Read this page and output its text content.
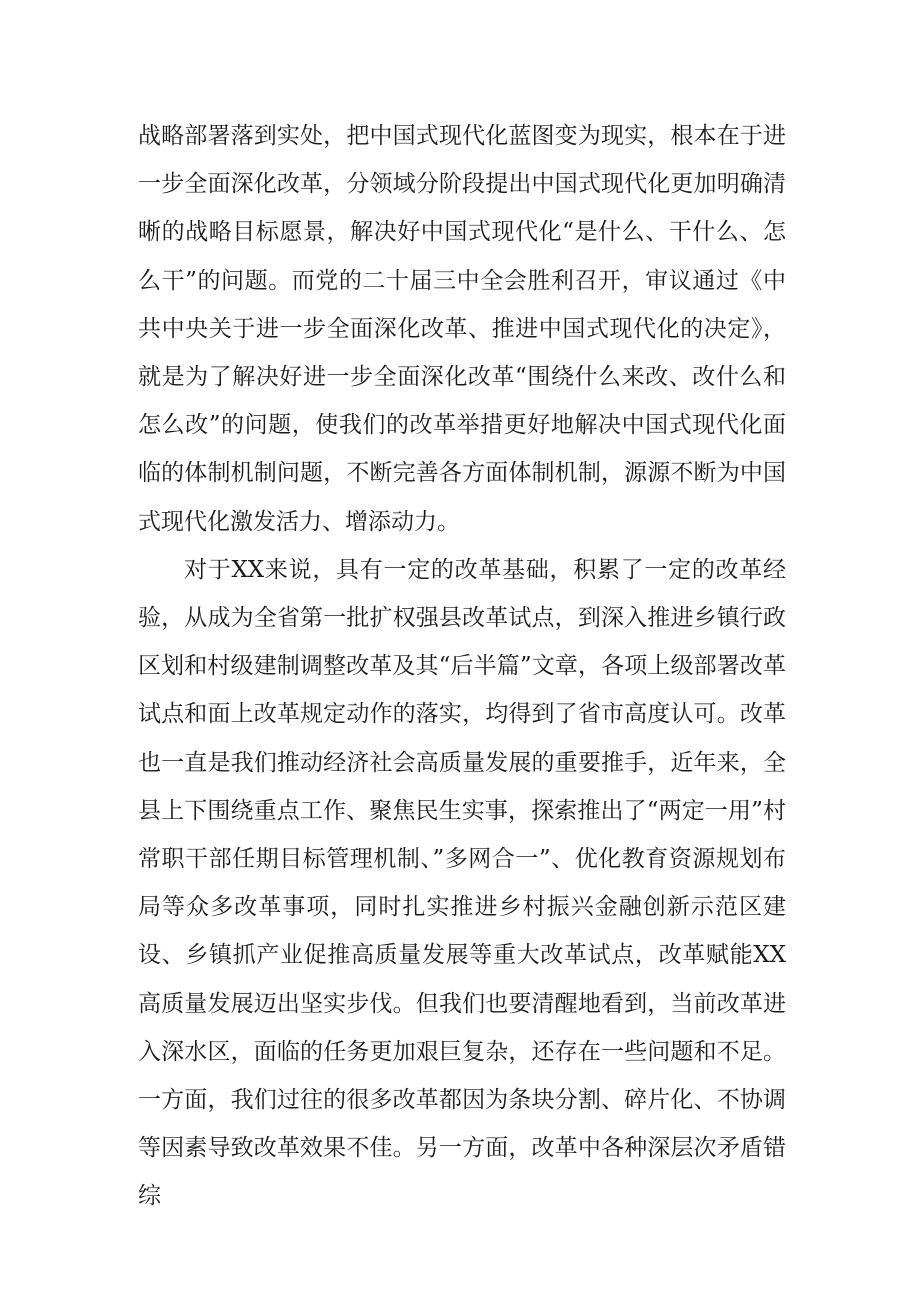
战略部署落到实处，把中国式现代化蓝图变为现实，根本在于进一步全面深化改革，分领域分阶段提出中国式现代化更加明确清晰的战略目标愿景，解决好中国式现代化“是什么、干什么、怎么干”的问题。而党的二十届三中全会胜利召开，审议通过《中共中央关于进一步全面深化改革、推进中国式现代化的决定》，就是为了解决好进一步全面深化改革“围绕什么来改、改什么和怎么改”的问题，使我们的改革举措更好地解决中国式现代化面临的体制机制问题，不断完善各方面体制机制，源源不断为中国式现代化激发活力、增添动力。

对于XX来说，具有一定的改革基础，积累了一定的改革经验，从成为全省第一批扩权强县改革试点，到深入推进乡镇行政区划和村级建制调整改革及其“后半篇”文章，各项上级部署改革试点和面上改革规定动作的落实，均得到了省市高度认可。改革也一直是我们推动经济社会高质量发展的重要推手，近年来，全县上下围绕重点工作、聚焦民生实事，探索推出了“两定一用”村常职干部任期目标管理机制、”多网合一”、优化教育资源规划布局等众多改革事项，同时扎实推进乡村振兴金融创新示范区建设、乡镇抓产业促推高质量发展等重大改革试点，改革赋能XX高质量发展迈出坚实步伐。但我们也要清醒地看到，当前改革进入深水区，面临的任务更加艰巨复杂，还存在一些问题和不足。一方面，我们过往的很多改革都因为条块分割、碎片化、不协调等因素导致改革效果不佳。另一方面，改革中各种深层次矛盾错综
